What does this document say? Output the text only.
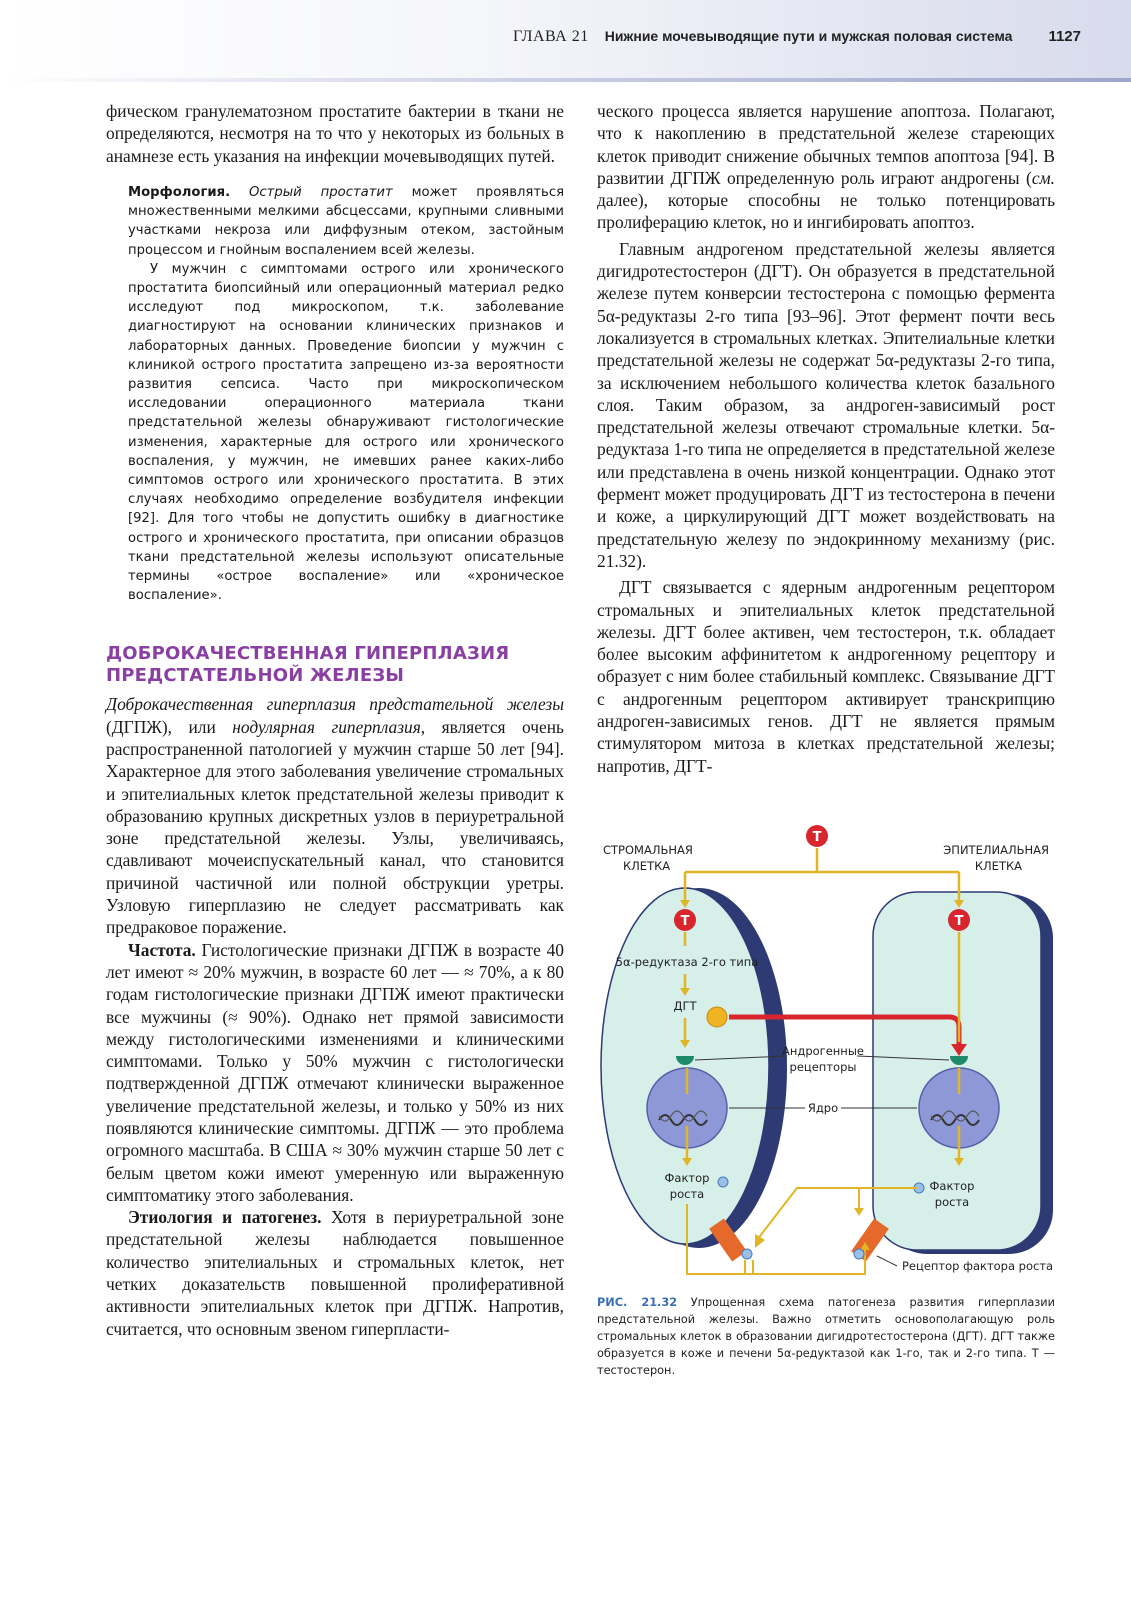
ГЛАВА 21 Нижние мочевыводящие пути и мужская половая система 1127

фическом гранулематозном простатите бактерии в ткани не определяются, несмотря на то что у некоторых из больных в анамнезе есть указания на инфекции мочевыводящих путей.

Морфология. Острый простатит может проявляться множественными мелкими абсцессами, крупными сливными участками некроза или диффузным отеком, застойным процессом и гнойным воспалением всей железы.

У мужчин с симптомами острого или хронического простатита биопсийный или операционный материал редко исследуют под микроскопом, т.к. заболевание диагностируют на основании клинических признаков и лабораторных данных. Проведение биопсии у мужчин с клиникой острого простатита запрещено из-за вероятности развития сепсиса. Часто при микроскопическом исследовании операционного материала ткани предстательной железы обнаруживают гистологические изменения, характерные для острого или хронического воспаления, у мужчин, не имевших ранее каких-либо симптомов острого или хронического простатита. В этих случаях необходимо определение возбудителя инфекции [92]. Для того чтобы не допустить ошибку в диагностике острого и хронического простатита, при описании образцов ткани предстательной железы используют описательные термины «острое воспаление» или «хроническое воспаление».

ДОБРОКАЧЕСТВЕННАЯ ГИПЕРПЛАЗИЯ
ПРЕДСТАТЕЛЬНОЙ ЖЕЛЕЗЫ

Доброкачественная гиперплазия предстательной железы (ДГПЖ), или нодулярная гиперплазия, является очень распространенной патологией у мужчин старше 50 лет [94]. Характерное для этого заболевания увеличение стромальных и эпителиальных клеток предстательной железы приводит к образованию крупных дискретных узлов в периуретральной зоне предстательной железы. Узлы, увеличиваясь, сдавливают мочеиспускательный канал, что становится причиной частичной или полной обструкции уретры. Узловую гиперплазию не следует рассматривать как предраковое поражение.

Частота. Гистологические признаки ДГПЖ в возрасте 40 лет имеют ≈ 20% мужчин, в возрасте 60 лет — ≈ 70%, а к 80 годам гистологические признаки ДГПЖ имеют практически все мужчины (≈ 90%). Однако нет прямой зависимости между гистологическими изменениями и клиническими симптомами. Только у 50% мужчин с гистологически подтвержденной ДГПЖ отмечают клинически выраженное увеличение предстательной железы, и только у 50% из них появляются клинические симптомы. ДГПЖ — это проблема огромного масштаба. В США ≈ 30% мужчин старше 50 лет с белым цветом кожи имеют умеренную или выраженную симптоматику этого заболевания.

Этиология и патогенез. Хотя в периуретральной зоне предстательной железы наблюдается повышенное количество эпителиальных и стромальных клеток, нет четких доказательств повышенной пролиферативной активности эпителиальных клеток при ДГПЖ. Напротив, считается, что основным звеном гиперпласти-

ческого процесса является нарушение апоптоза. Полагают, что к накоплению в предстательной железе стареющих клеток приводит снижение обычных темпов апоптоза [94]. В развитии ДГПЖ определенную роль играют андрогены (см. далее), которые способны не только потенцировать пролиферацию клеток, но и ингибировать апоптоз.

Главным андрогеном предстательной железы является дигидротестостерон (ДГТ). Он образуется в предстательной железе путем конверсии тестостерона с помощью фермента 5α-редуктазы 2-го типа [93–96]. Этот фермент почти весь локализуется в стромальных клетках. Эпителиальные клетки предстательной железы не содержат 5α-редуктазы 2-го типа, за исключением небольшого количества клеток базального слоя. Таким образом, за андроген-зависимый рост предстательной железы отвечают стромальные клетки. 5α-редуктаза 1-го типа не определяется в предстательной железе или представлена в очень низкой концентрации. Однако этот фермент может продуцировать ДГТ из тестостерона в печени и коже, а циркулирующий ДГТ может воздействовать на предстательную железу по эндокринному механизму (рис. 21.32).

ДГТ связывается с ядерным андрогенным рецептором стромальных и эпителиальных клеток предстательной железы. ДГТ более активен, чем тестостерон, т.к. обладает более высоким аффинитетом к андрогенному рецептору и образует с ним более стабильный комплекс. Связывание ДГТ с андрогенным рецептором активирует транскрипцию андроген-зависимых генов. ДГТ не является прямым стимулятором митоза в клетках предстательной железы; напротив, ДГТ-

T
T	T
СТРОМАЛЬНАЯ
КЛЕТКА
ЭПИТЕЛИАЛЬНАЯ
КЛЕТКА
5α-редуктаза 2-го типа
ДГТ
Андрогенные
рецепторы
Ядро
Фактор
роста
Фактор
роста
Рецептор фактора роста
РИС. 21.32 Упрощенная схема патогенеза развития гиперплазии предстательной железы. Важно отметить основополагающую роль стромальных клеток в образовании дигидротестостерона (ДГТ). ДГТ также образуется в коже и печени 5α-редуктазой как 1-го, так и 2-го типа. T — тестостерон.
